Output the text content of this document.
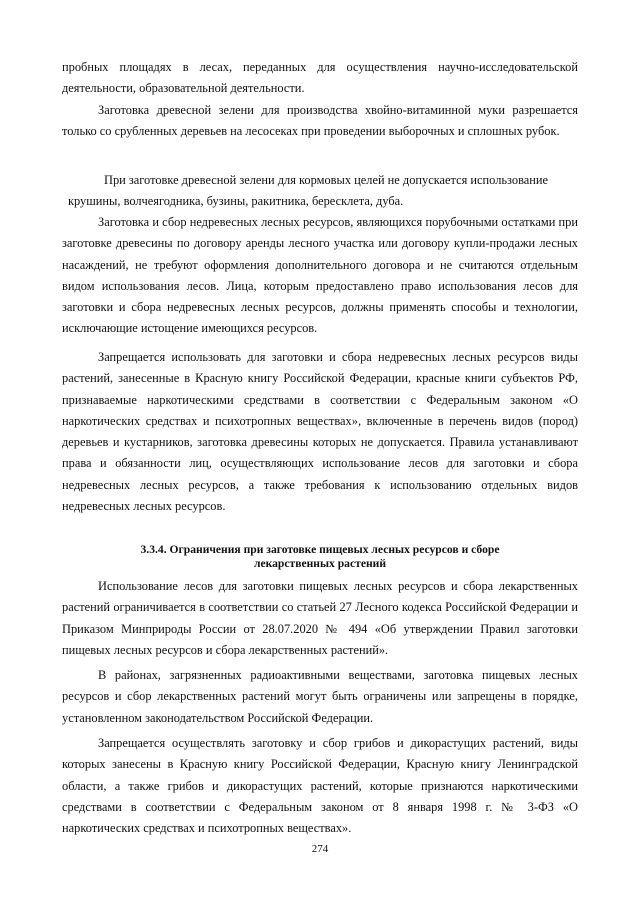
пробных площадях в лесах, переданных для осуществления научно-исследовательской деятельности, образовательной деятельности.

Заготовка древесной зелени для производства хвойно-витаминной муки разрешается только со срубленных деревьев на лесосеках при проведении выборочных и сплошных рубок.

При заготовке древесной зелени для кормовых целей не допускается использование крушины, волчеягодника, бузины, ракитника, бересклета, дуба.

Заготовка и сбор недревесных лесных ресурсов, являющихся порубочными остатками при заготовке древесины по договору аренды лесного участка или договору купли-продажи лесных насаждений, не требуют оформления дополнительного договора и не считаются отдельным видом использования лесов. Лица, которым предоставлено право использования лесов для заготовки и сбора недревесных лесных ресурсов, должны применять способы и технологии, исключающие истощение имеющихся ресурсов.

Запрещается использовать для заготовки и сбора недревесных лесных ресурсов виды растений, занесенные в Красную книгу Российской Федерации, красные книги субъектов РФ, признаваемые наркотическими средствами в соответствии с Федеральным законом «О наркотических средствах и психотропных веществах», включенные в перечень видов (пород) деревьев и кустарников, заготовка древесины которых не допускается. Правила устанавливают права и обязанности лиц, осуществляющих использование лесов для заготовки и сбора недревесных лесных ресурсов, а также требования к использованию отдельных видов недревесных лесных ресурсов.

3.3.4. Ограничения при заготовке пищевых лесных ресурсов и сборе
лекарственных растений

Использование лесов для заготовки пищевых лесных ресурсов и сбора лекарственных растений ограничивается в соответствии со статьей 27 Лесного кодекса Российской Федерации и Приказом Минприроды России от 28.07.2020 № 494 «Об утверждении Правил заготовки пищевых лесных ресурсов и сбора лекарственных растений».

В районах, загрязненных радиоактивными веществами, заготовка пищевых лесных ресурсов и сбор лекарственных растений могут быть ограничены или запрещены в порядке, установленном законодательством Российской Федерации.

Запрещается осуществлять заготовку и сбор грибов и дикорастущих растений, виды которых занесены в Красную книгу Российской Федерации, Красную книгу Ленинградской области, а также грибов и дикорастущих растений, которые признаются наркотическими средствами в соответствии с Федеральным законом от 8 января 1998 г. № 3-ФЗ «О наркотических средствах и психотропных веществах».

274
